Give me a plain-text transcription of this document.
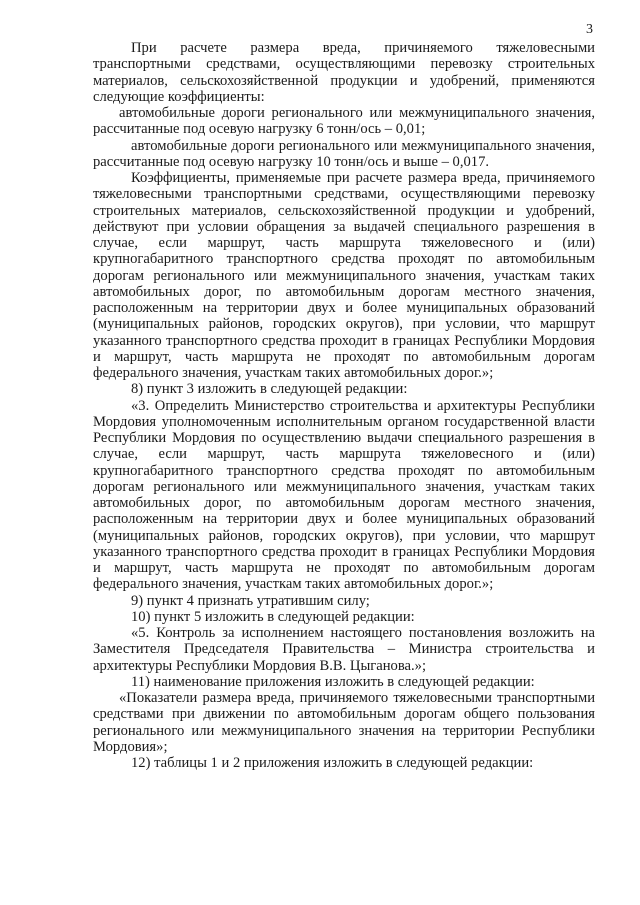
3

При расчете размера вреда, причиняемого тяжеловесными транспортными средствами, осуществляющими перевозку строительных материалов, сельскохозяйственной продукции и удобрений, применяются следующие коэффициенты:

автомобильные дороги регионального или межмуниципального значения, рассчитанные под осевую нагрузку 6 тонн/ось – 0,01;

автомобильные дороги регионального или межмуниципального значения, рассчитанные под осевую нагрузку 10 тонн/ось и выше – 0,017.

Коэффициенты, применяемые при расчете размера вреда, причиняемого тяжеловесными транспортными средствами, осуществляющими перевозку строительных материалов, сельскохозяйственной продукции и удобрений, действуют при условии обращения за выдачей специального разрешения в случае, если маршрут, часть маршрута тяжеловесного и (или) крупногабаритного транспортного средства проходят по автомобильным дорогам регионального или межмуниципального значения, участкам таких автомобильных дорог, по автомобильным дорогам местного значения, расположенным на территории двух и более муниципальных образований (муниципальных районов, городских округов), при условии, что маршрут указанного транспортного средства проходит в границах Республики Мордовия и маршрут, часть маршрута не проходят по автомобильным дорогам федерального значения, участкам таких автомобильных дорог.»;

8) пункт 3 изложить в следующей редакции:

«3. Определить Министерство строительства и архитектуры Республики Мордовия уполномоченным исполнительным органом государственной власти Республики Мордовия по осуществлению выдачи специального разрешения в случае, если маршрут, часть маршрута тяжеловесного и (или) крупногабаритного транспортного средства проходят по автомобильным дорогам регионального или межмуниципального значения, участкам таких автомобильных дорог, по автомобильным дорогам местного значения, расположенным на территории двух и более муниципальных образований (муниципальных районов, городских округов), при условии, что маршрут указанного транспортного средства проходит в границах Республики Мордовия и маршрут, часть маршрута не проходят по автомобильным дорогам федерального значения, участкам таких автомобильных дорог.»;

9) пункт 4 признать утратившим силу;

10) пункт 5 изложить в следующей редакции:

«5. Контроль за исполнением настоящего постановления возложить на Заместителя Председателя Правительства – Министра строительства и архитектуры Республики Мордовия В.В. Цыганова.»;

11) наименование приложения изложить в следующей редакции:

«Показатели размера вреда, причиняемого тяжеловесными транспортными средствами при движении по автомобильным дорогам общего пользования регионального или межмуниципального значения на территории Республики Мордовия»;

12) таблицы 1 и 2 приложения изложить в следующей редакции:
